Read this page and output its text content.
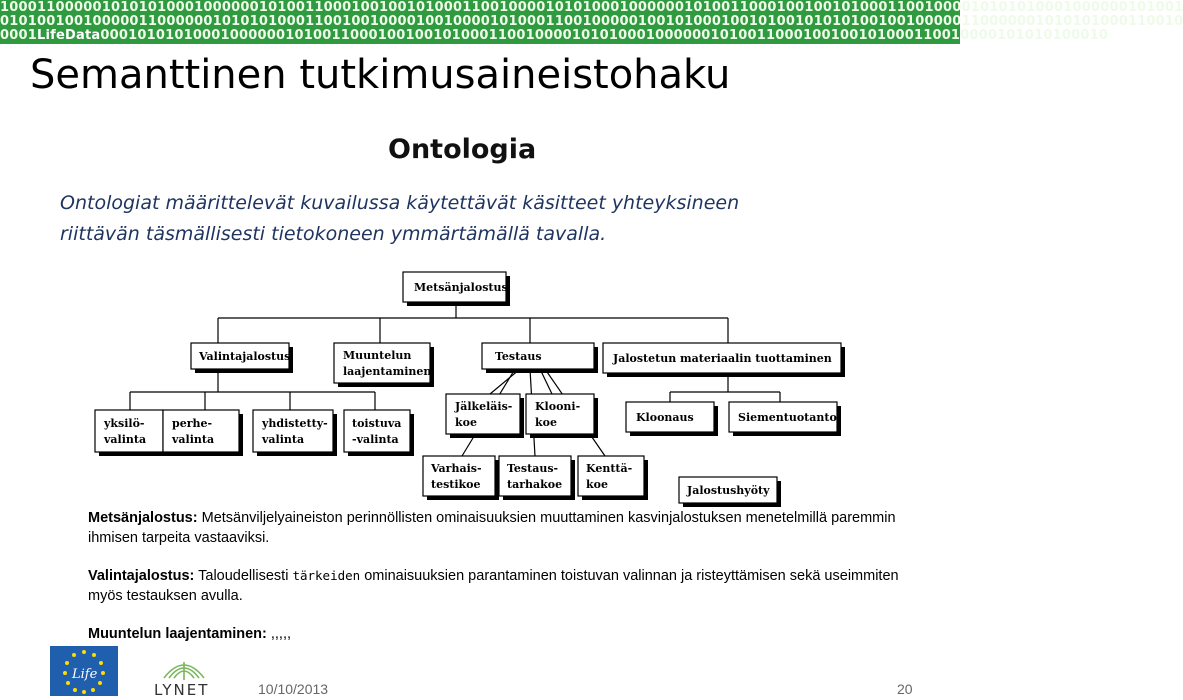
10001100000101010100010000001010011000100100101000110010000101010001000000101001100010010010100011001000010101010001000000101001
01010010010000011000000101010100011001001000010010000101000110010000010010100010010100101010100100100000110000001010101000110010
0001LifeData0001010101000100000010100110001001001010001100100001010100010000001010011000100100101000110010000101010100010
Semanttinen tutkimusaineistohaku
Ontologia
Ontologiat määrittelevät kuvailussa käytettävät käsitteet yhteyksineen
riittävän täsmällisesti tietokoneen ymmärtämällä tavalla.
Metsänjalostus
Valintajalostus	Muuntelun
laajentaminen
Testaus	Jalostetun materiaalin tuottaminen
yksilö-
valinta
perhe-
valinta
yhdistetty-
valinta
toistuva
-valinta
Jälkeläis-
koe
Klooni-
koe
Varhais-
testikoe
Testaus-
tarhakoe
Kenttä-
koe
Kloonaus	Siementuotanto
Jalostushyöty
Metsänjalostus: Metsänviljelyaineiston perinnöllisten ominaisuuksien muuttaminen kasvinjalostuksen menetelmillä paremmin ihmisen tarpeita vastaaviksi.
Valintajalostus: Taloudellisesti tärkeiden ominaisuuksien parantaminen toistuvan valinnan ja risteyttämisen sekä useimmiten myös testauksen avulla.
Muuntelun laajentaminen: ,,,,,
Life
LYNET	10/10/2013	20
